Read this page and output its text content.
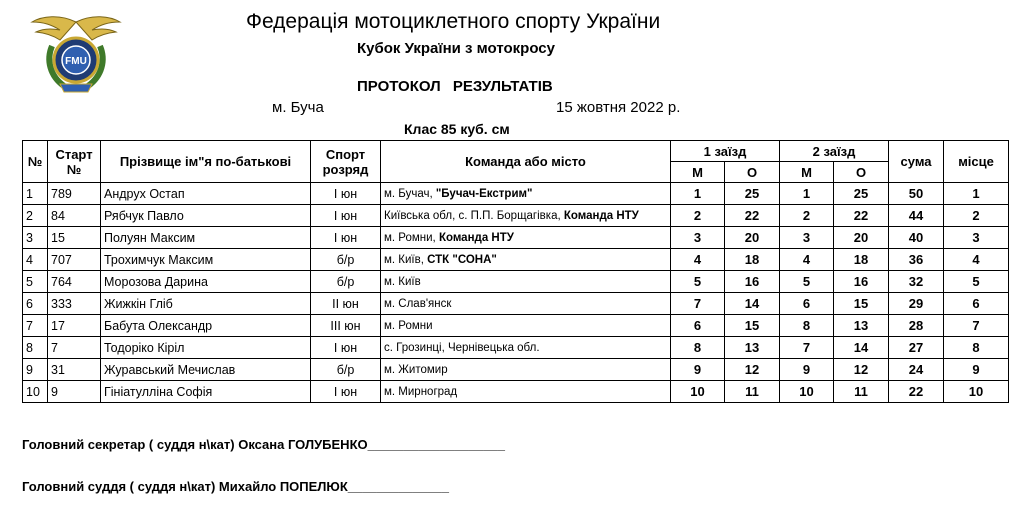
FMU
Федерація мотоциклетного спорту України
Кубок України з мотокросу
ПРОТОКОЛ РЕЗУЛЬТАТІВ
м. Буча	15 жовтня 2022 р.
Клас 85 куб. см
№	Старт №	Прізвище ім"я по-батькові	Спорт розряд	Команда або місто	1 заїзд		2 заїзд		сума	місце
					М	О	М	О		
1	789	Андрух Остап	І юн	м. Бучач, "Бучач-Екстрим"	1	25	1	25	50	1
2	84	Рябчук Павло	І юн	Київська обл, с. П.П. Борщагівка, Команда НТУ	2	22	2	22	44	2
3	15	Полуян Максим	І юн	м. Ромни, Команда НТУ	3	20	3	20	40	3
4	707	Трохимчук Максим	б/р	м. Київ, СТК "СОНА"	4	18	4	18	36	4
5	764	Морозова Дарина	б/р	м. Київ	5	16	5	16	32	5
6	333	Жижкін Гліб	ІІ юн	м. Слав'янск	7	14	6	15	29	6
7	17	Бабута Олександр	ІІІ юн	м. Ромни	6	15	8	13	28	7
8	7	Тодоріко Кіріл	І юн	с. Грозинці, Чернівецька обл.	8	13	7	14	27	8
9	31	Журавський Мечислав	б/р	м. Житомир	9	12	9	12	24	9
10	9	Гініатулліна Софія	І юн	м. Мирноград	10	11	10	11	22	10
Головний секретар ( суддя н\кат) Оксана ГОЛУБЕНКО___________________
Головний суддя ( суддя н\кат) Михайло ПОПЕЛЮК______________
